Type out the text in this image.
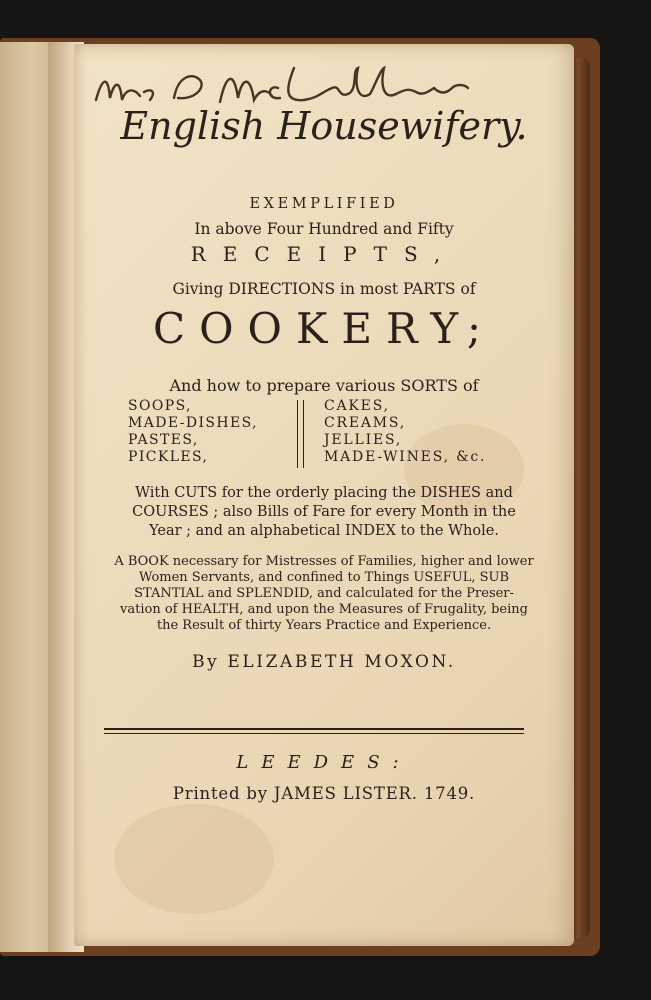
English Housewifery.

EXEMPLIFIED

In above Four Hundred and Fifty

RECEIPTS,

Giving DIRECTIONS in most PARTS of

COOKERY;

And how to prepare various SORTS of

SOOPS,
MADE-DISHES,
PASTES,
PICKLES,
CAKES,
CREAMS,
JELLIES,
MADE-WINES, &c.
With CUTS for the orderly placing the DISHES and
COURSES ; also Bills of Fare for every Month in the
Year ; and an alphabetical INDEX to the Whole.
A BOOK necessary for Mistresses of Families, higher and lower
Women Servants, and confined to Things USEFUL, SUB
STANTIAL and SPLENDID, and calculated for the Preser-
vation of HEALTH, and upon the Measures of Frugality, being
the Result of thirty Years Practice and Experience.

By ELIZABETH MOXON.

LEEDES:

Printed by JAMES LISTER. 1749.
